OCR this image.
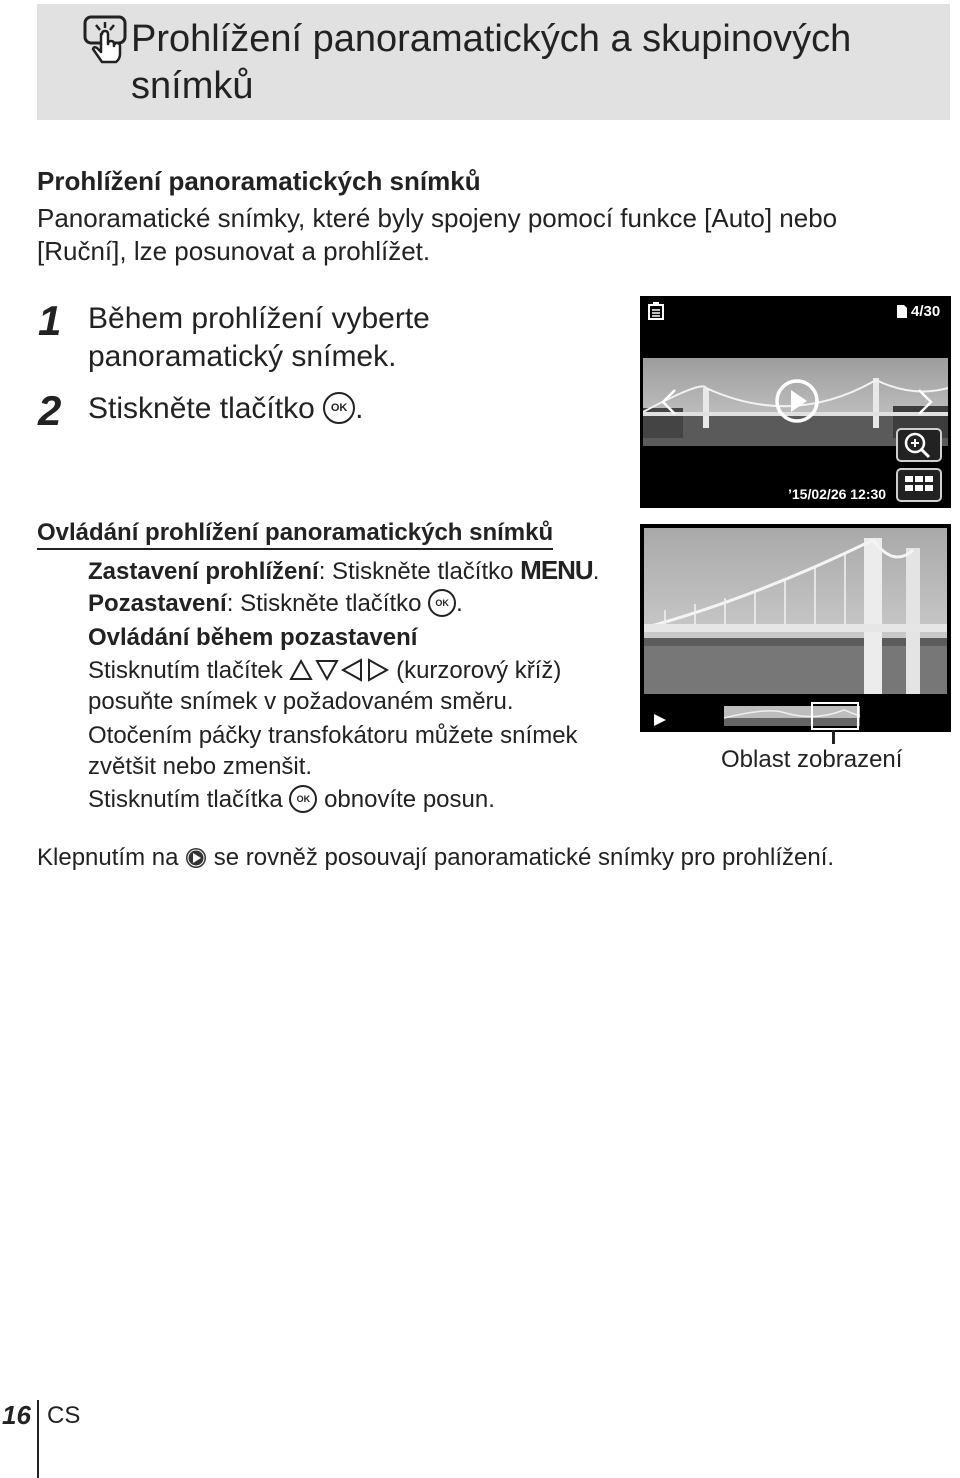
Prohlížení panoramatických a skupinových snímků
Prohlížení panoramatických snímků
Panoramatické snímky, které byly spojeny pomocí funkce [Auto] nebo
[Ruční], lze posunovat a prohlížet.
1 Během prohlížení vyberte
panoramatický snímek.
2 Stiskněte tlačítko OK .
4/30
’15/02/26 12:30
Oblast zobrazení
Ovládání prohlížení panoramatických snímků
Zastavení prohlížení: Stiskněte tlačítko MENU.
Pozastavení: Stiskněte tlačítko OK .
Ovládání během pozastavení
Stisknutím tlačítek	(kurzorový kříž)
posuňte snímek v požadovaném směru.
Otočením páčky transfokátoru můžete snímek
zvětšit nebo zmenšit.
Stisknutím tlačítka OK obnovíte posun.
Klepnutím na se rovněž posouvají panoramatické snímky pro prohlížení.
16 CS
